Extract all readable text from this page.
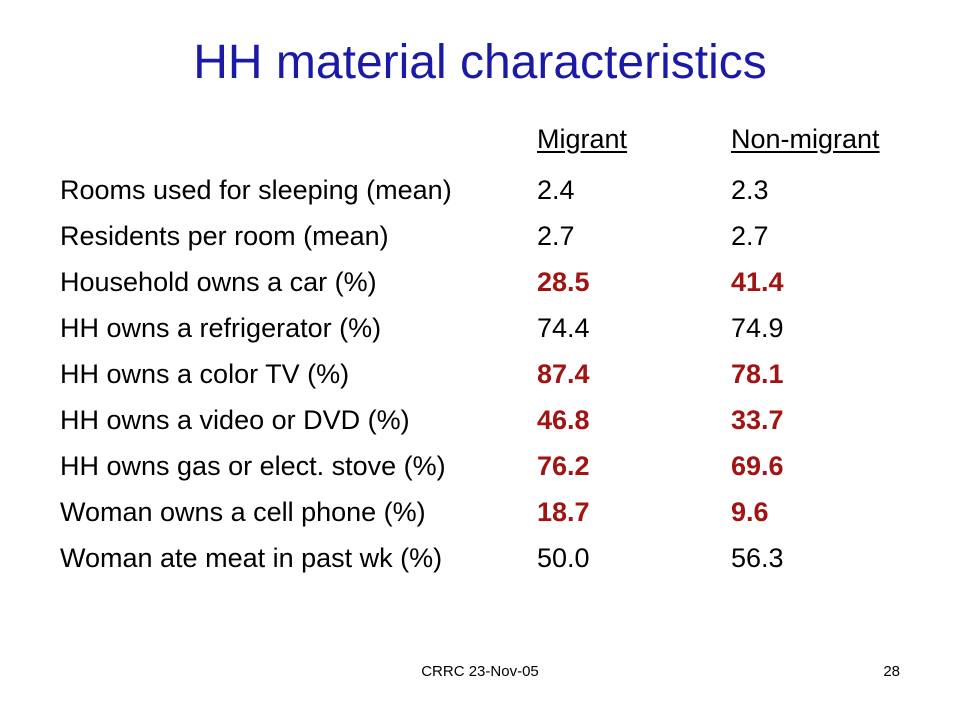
HH material characteristics
Migrant	Non-migrant
Rooms used for sleeping (mean)	2.4	2.3
Residents per room (mean)	2.7	2.7
Household owns a car (%)	28.5	41.4
HH owns a refrigerator (%)	74.4	74.9
HH owns a color TV (%)	87.4	78.1
HH owns a video or DVD (%)	46.8	33.7
HH owns gas or elect. stove (%)	76.2	69.6
Woman owns a cell phone (%)	18.7	9.6
Woman ate meat in past wk (%)	50.0	56.3
CRRC 23-Nov-05	28
